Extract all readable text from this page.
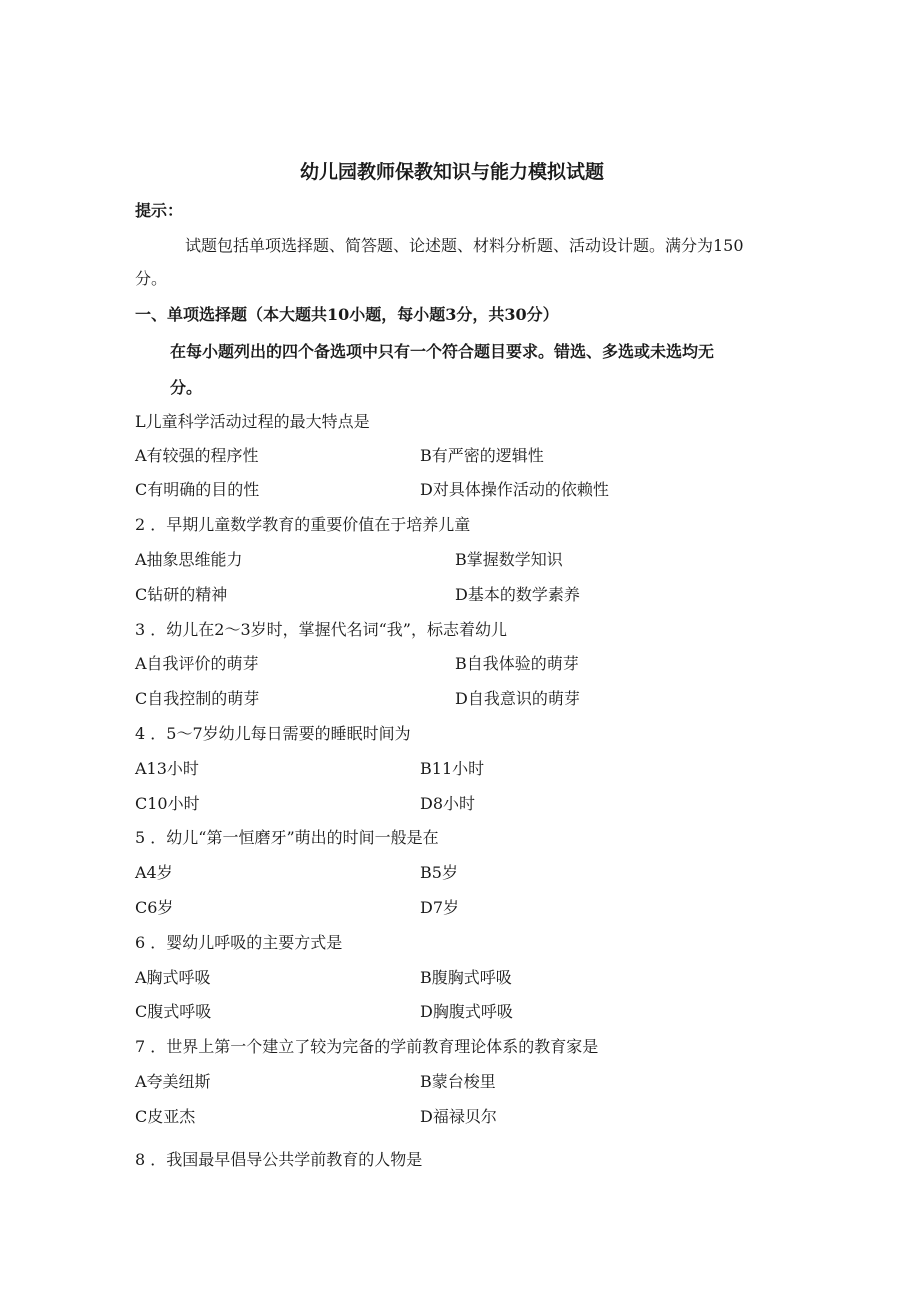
幼儿园教师保教知识与能力模拟试题
提示：
试题包括单项选择题、简答题、论述题、材料分析题、活动设计题。满分为150
分。
一、单项选择题（本大题共10小题，每小题3分，共30分）
在每小题列出的四个备选项中只有一个符合题目要求。错选、多选或未选均无
分。
L儿童科学活动过程的最大特点是
A有较强的程序性	B有严密的逻辑性
C有明确的目的性	D对具体操作活动的依赖性
2 ．早期儿童数学教育的重要价值在于培养儿童
A抽象思维能力	B掌握数学知识
C钻研的精神	D基本的数学素养
3 ．幼儿在2～3岁时，掌握代名词“我”，标志着幼儿
A自我评价的萌芽	B自我体验的萌芽
C自我控制的萌芽	D自我意识的萌芽
4 ．5～7岁幼儿每日需要的睡眠时间为
A13小时	B11小时
C10小时	D8小时
5 ．幼儿“第一恒磨牙”萌出的时间一般是在
A4岁	B5岁
C6岁	D7岁
6 ．婴幼儿呼吸的主要方式是
A胸式呼吸	B腹胸式呼吸
C腹式呼吸	D胸腹式呼吸
7 ．世界上第一个建立了较为完备的学前教育理论体系的教育家是
A夸美纽斯	B蒙台梭里
C皮亚杰	D福禄贝尔
8 ．我国最早倡导公共学前教育的人物是
